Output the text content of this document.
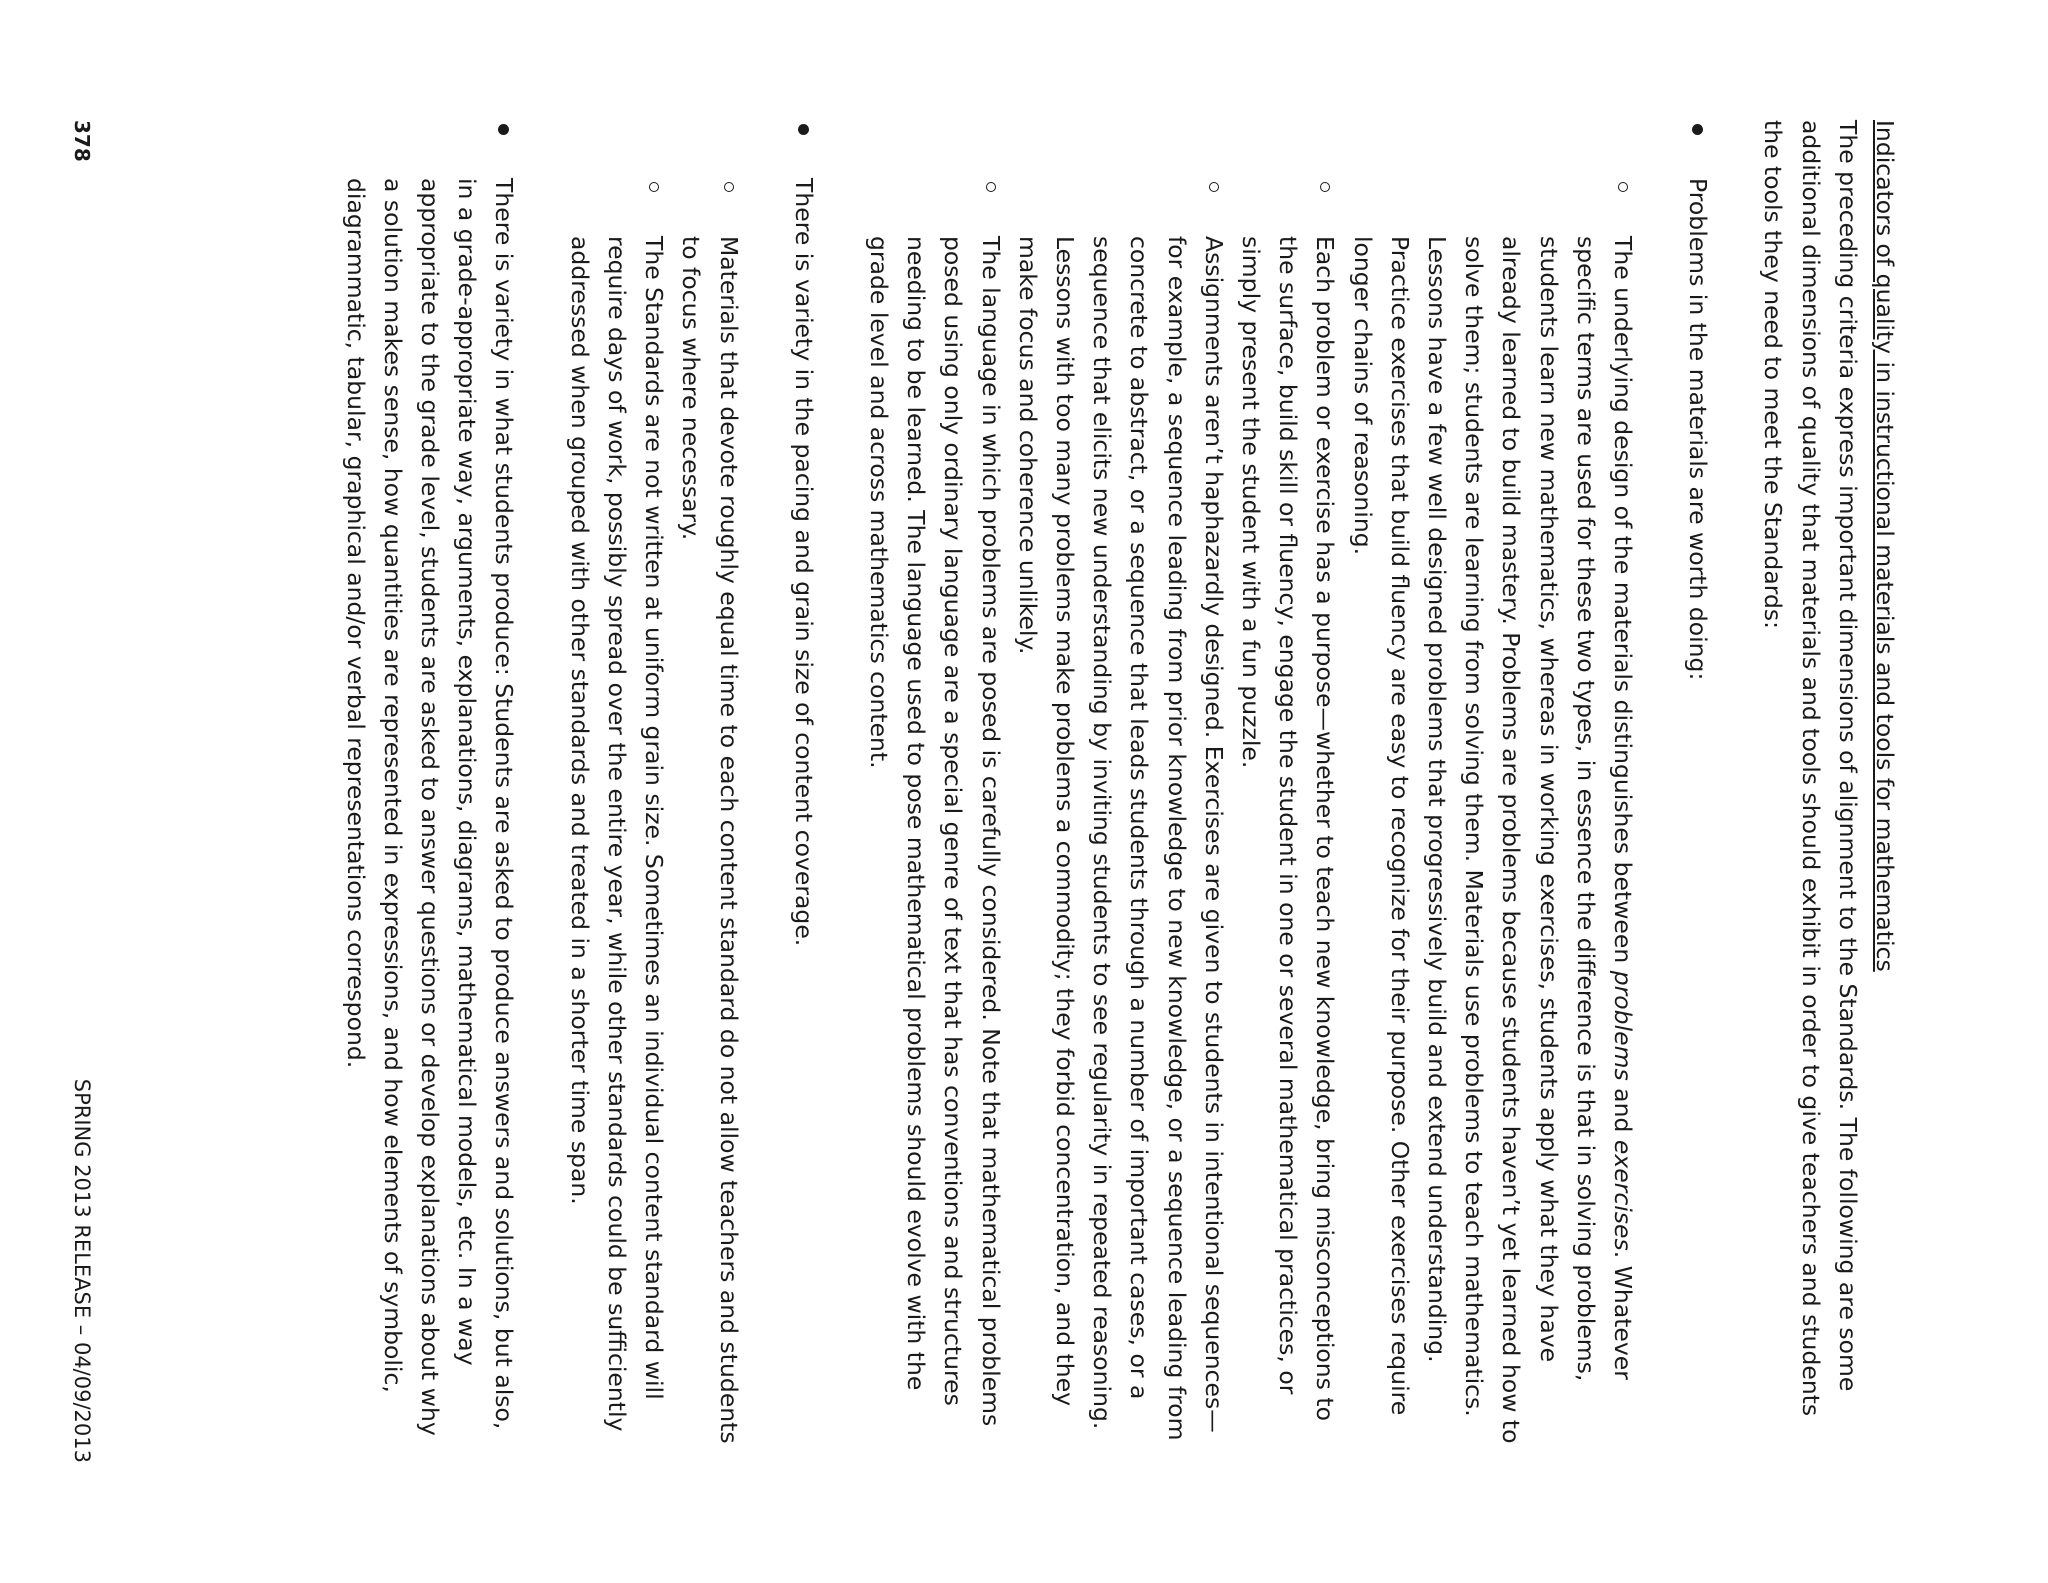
Indicators of quality in instructional materials and tools for mathematics

The preceding criteria express important dimensions of alignment to the Standards. The following are some additional dimensions of quality that materials and tools should exhibit in order to give teachers and students the tools they need to meet the Standards:

Problems in the materials are worth doing:

The underlying design of the materials distinguishes between problems and exercises. Whatever specific terms are used for these two types, in essence the difference is that in solving problems, students learn new mathematics, whereas in working exercises, students apply what they have already learned to build mastery. Problems are problems because students haven’t yet learned how to solve them; students are learning from solving them. Materials use problems to teach mathematics. Lessons have a few well designed problems that progressively build and extend understanding. Practice exercises that build fluency are easy to recognize for their purpose. Other exercises require longer chains of reasoning.

Each problem or exercise has a purpose—whether to teach new knowledge, bring misconceptions to the surface, build skill or fluency, engage the student in one or several mathematical practices, or simply present the student with a fun puzzle.

Assignments aren’t haphazardly designed. Exercises are given to students in intentional sequences—for example, a sequence leading from prior knowledge to new knowledge, or a sequence leading from concrete to abstract, or a sequence that leads students through a number of important cases, or a sequence that elicits new understanding by inviting students to see regularity in repeated reasoning. Lessons with too many problems make problems a commodity; they forbid concentration, and they make focus and coherence unlikely.

The language in which problems are posed is carefully considered. Note that mathematical problems posed using only ordinary language are a special genre of text that has conventions and structures needing to be learned. The language used to pose mathematical problems should evolve with the grade level and across mathematics content.

There is variety in the pacing and grain size of content coverage.

Materials that devote roughly equal time to each content standard do not allow teachers and students to focus where necessary.

The Standards are not written at uniform grain size. Sometimes an individual content standard will require days of work, possibly spread over the entire year, while other standards could be sufficiently addressed when grouped with other standards and treated in a shorter time span.

There is variety in what students produce: Students are asked to produce answers and solutions, but also, in a grade-appropriate way, arguments, explanations, diagrams, mathematical models, etc. In a way appropriate to the grade level, students are asked to answer questions or develop explanations about why a solution makes sense, how quantities are represented in expressions, and how elements of symbolic, diagrammatic, tabular, graphical and/or verbal representations correspond.

378
SPRING 2013 RELEASE – 04/09/2013
